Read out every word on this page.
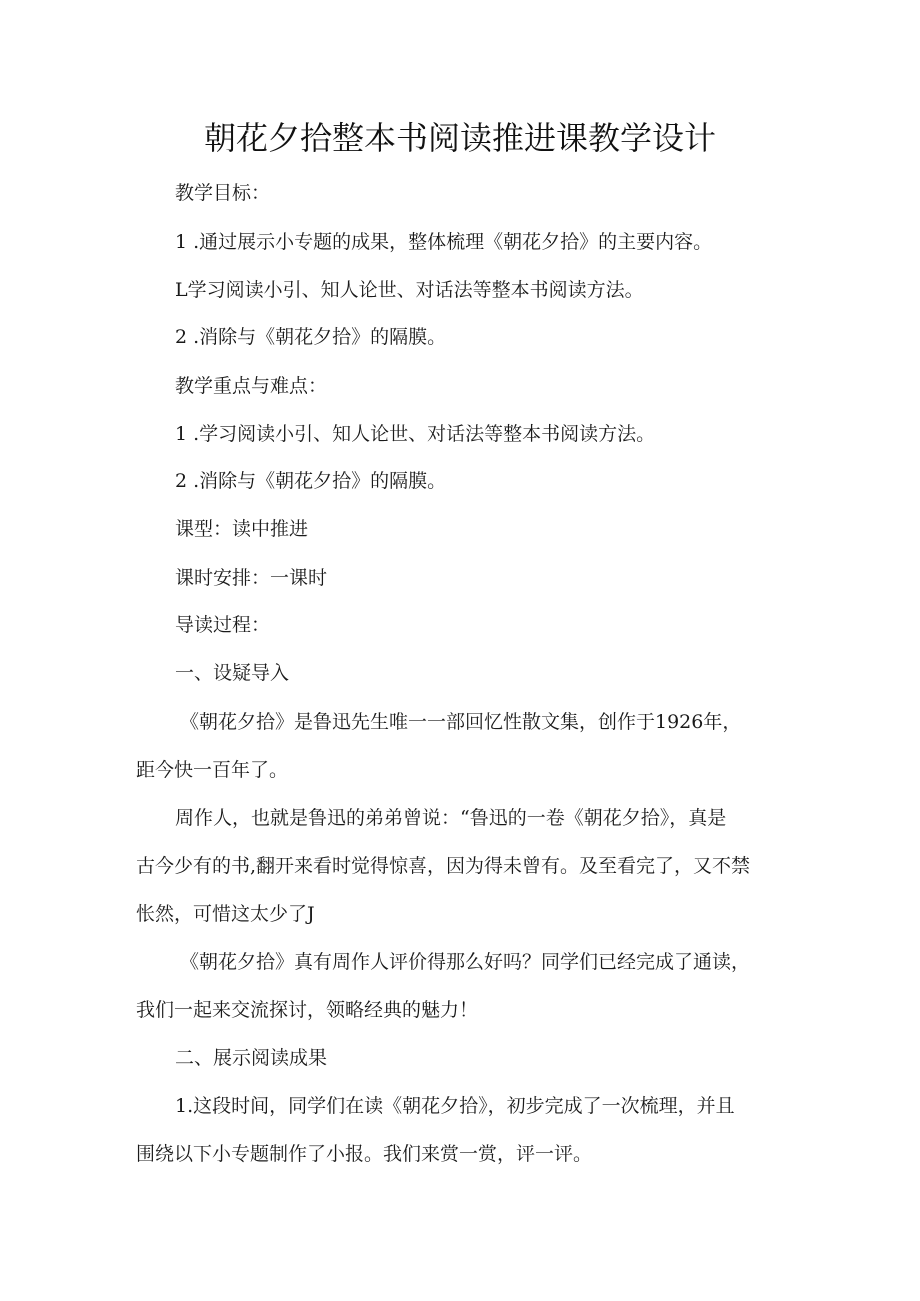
朝花夕拾整本书阅读推进课教学设计
教学目标：
1 .通过展示小专题的成果，整体梳理《朝花夕拾》的主要内容。
L学习阅读小引、知人论世、对话法等整本书阅读方法。
2 .消除与《朝花夕拾》的隔膜。
教学重点与难点：
1 .学习阅读小引、知人论世、对话法等整本书阅读方法。
2 .消除与《朝花夕拾》的隔膜。
课型：读中推进
课时安排：一课时
导读过程：
一、设疑导入
《朝花夕拾》是鲁迅先生唯一一部回忆性散文集，创作于1926年，
距今快一百年了。
周作人，也就是鲁迅的弟弟曾说：“鲁迅的一卷《朝花夕拾》，真是
古今少有的书,翻开来看时觉得惊喜，因为得未曾有。及至看完了，又不禁
怅然，可惜这太少了J
《朝花夕拾》真有周作人评价得那么好吗？同学们已经完成了通读，
我们一起来交流探讨，领略经典的魅力！
二、展示阅读成果
1.这段时间，同学们在读《朝花夕拾》，初步完成了一次梳理，并且
围绕以下小专题制作了小报。我们来赏一赏，评一评。
